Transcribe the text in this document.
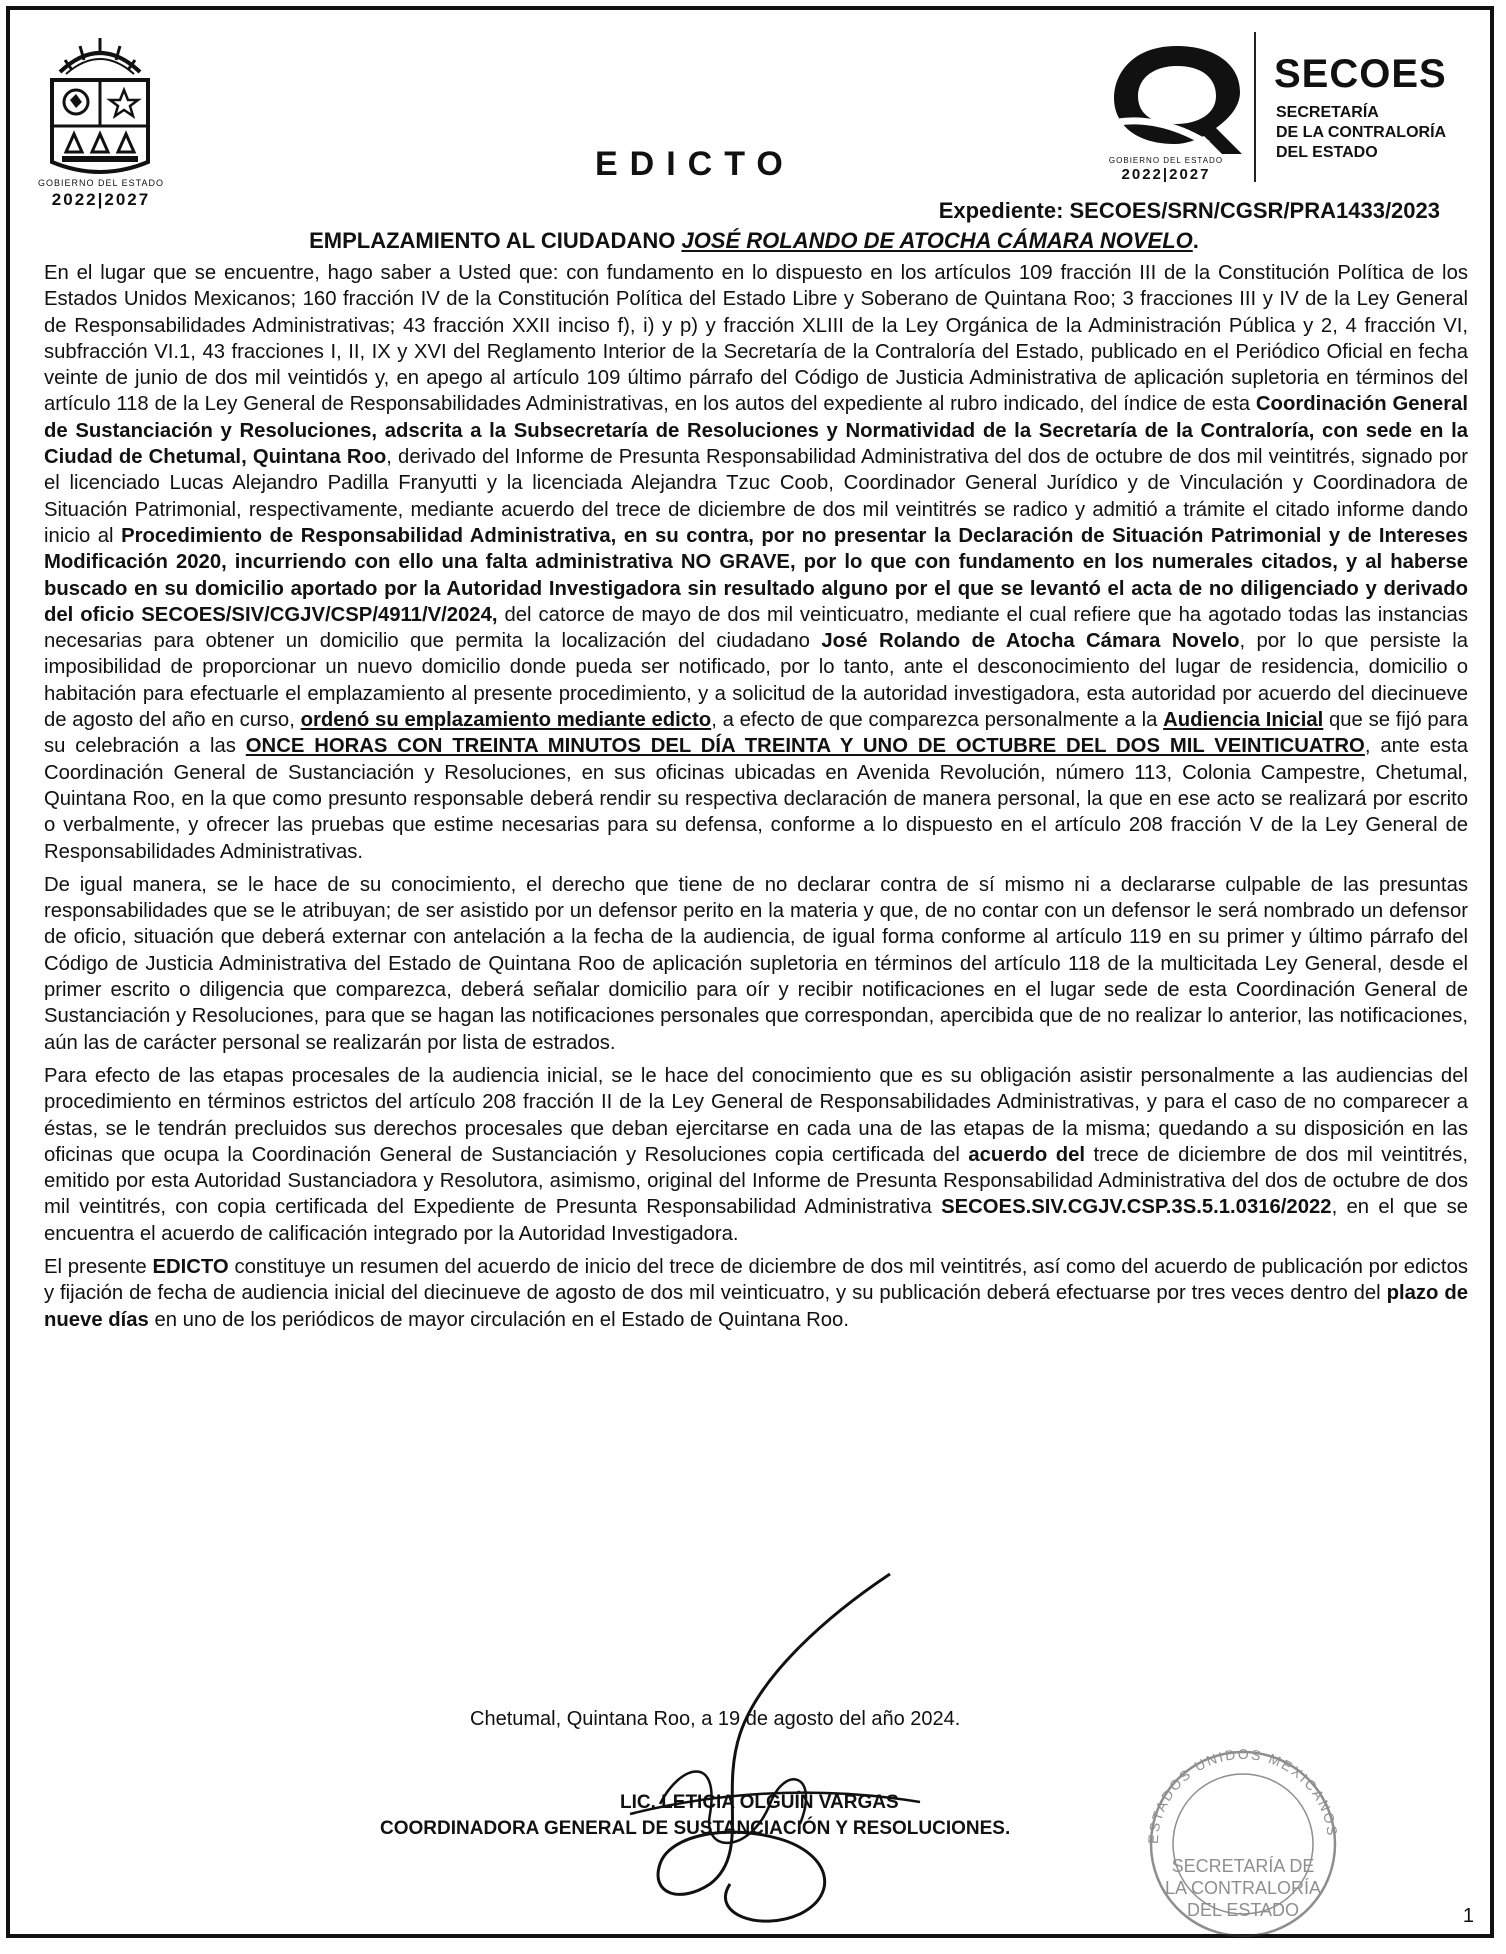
GOBIERNO DEL ESTADO
2022|2027
EDICTO	GOBIERNO DEL ESTADO
2022|2027
SECOES
SECRETARÍA
DE LA CONTRALORÍA
DEL ESTADO
Expediente: SECOES/SRN/CGSR/PRA1433/2023
EMPLAZAMIENTO AL CIUDADANO JOSÉ ROLANDO DE ATOCHA CÁMARA NOVELO.

En el lugar que se encuentre, hago saber a Usted que: con fundamento en lo dispuesto en los artículos 109 fracción III de la Constitución Política de los Estados Unidos Mexicanos; 160 fracción IV de la Constitución Política del Estado Libre y Soberano de Quintana Roo; 3 fracciones III y IV de la Ley General de Responsabilidades Administrativas; 43 fracción XXII inciso f), i) y p) y fracción XLIII de la Ley Orgánica de la Administración Pública y 2, 4 fracción VI, subfracción VI.1, 43 fracciones I, II, IX y XVI del Reglamento Interior de la Secretaría de la Contraloría del Estado, publicado en el Periódico Oficial en fecha veinte de junio de dos mil veintidós y, en apego al artículo 109 último párrafo del Código de Justicia Administrativa de aplicación supletoria en términos del artículo 118 de la Ley General de Responsabilidades Administrativas, en los autos del expediente al rubro indicado, del índice de esta Coordinación General de Sustanciación y Resoluciones, adscrita a la Subsecretaría de Resoluciones y Normatividad de la Secretaría de la Contraloría, con sede en la Ciudad de Chetumal, Quintana Roo, derivado del Informe de Presunta Responsabilidad Administrativa del dos de octubre de dos mil veintitrés, signado por el licenciado Lucas Alejandro Padilla Franyutti y la licenciada Alejandra Tzuc Coob, Coordinador General Jurídico y de Vinculación y Coordinadora de Situación Patrimonial, respectivamente, mediante acuerdo del trece de diciembre de dos mil veintitrés se radico y admitió a trámite el citado informe dando inicio al Procedimiento de Responsabilidad Administrativa, en su contra, por no presentar la Declaración de Situación Patrimonial y de Intereses Modificación 2020, incurriendo con ello una falta administrativa NO GRAVE, por lo que con fundamento en los numerales citados, y al haberse buscado en su domicilio aportado por la Autoridad Investigadora sin resultado alguno por el que se levantó el acta de no diligenciado y derivado del oficio SECOES/SIV/CGJV/CSP/4911/V/2024, del catorce de mayo de dos mil veinticuatro, mediante el cual refiere que ha agotado todas las instancias necesarias para obtener un domicilio que permita la localización del ciudadano José Rolando de Atocha Cámara Novelo, por lo que persiste la imposibilidad de proporcionar un nuevo domicilio donde pueda ser notificado, por lo tanto, ante el desconocimiento del lugar de residencia, domicilio o habitación para efectuarle el emplazamiento al presente procedimiento, y a solicitud de la autoridad investigadora, esta autoridad por acuerdo del diecinueve de agosto del año en curso, ordenó su emplazamiento mediante edicto, a efecto de que comparezca personalmente a la Audiencia Inicial que se fijó para su celebración a las ONCE HORAS CON TREINTA MINUTOS DEL DÍA TREINTA Y UNO DE OCTUBRE DEL DOS MIL VEINTICUATRO, ante esta Coordinación General de Sustanciación y Resoluciones, en sus oficinas ubicadas en Avenida Revolución, número 113, Colonia Campestre, Chetumal, Quintana Roo, en la que como presunto responsable deberá rendir su respectiva declaración de manera personal, la que en ese acto se realizará por escrito o verbalmente, y ofrecer las pruebas que estime necesarias para su defensa, conforme a lo dispuesto en el artículo 208 fracción V de la Ley General de Responsabilidades Administrativas.

De igual manera, se le hace de su conocimiento, el derecho que tiene de no declarar contra de sí mismo ni a declararse culpable de las presuntas responsabilidades que se le atribuyan; de ser asistido por un defensor perito en la materia y que, de no contar con un defensor le será nombrado un defensor de oficio, situación que deberá externar con antelación a la fecha de la audiencia, de igual forma conforme al artículo 119 en su primer y último párrafo del Código de Justicia Administrativa del Estado de Quintana Roo de aplicación supletoria en términos del artículo 118 de la multicitada Ley General, desde el primer escrito o diligencia que comparezca, deberá señalar domicilio para oír y recibir notificaciones en el lugar sede de esta Coordinación General de Sustanciación y Resoluciones, para que se hagan las notificaciones personales que correspondan, apercibida que de no realizar lo anterior, las notificaciones, aún las de carácter personal se realizarán por lista de estrados.

Para efecto de las etapas procesales de la audiencia inicial, se le hace del conocimiento que es su obligación asistir personalmente a las audiencias del procedimiento en términos estrictos del artículo 208 fracción II de la Ley General de Responsabilidades Administrativas, y para el caso de no comparecer a éstas, se le tendrán precluidos sus derechos procesales que deban ejercitarse en cada una de las etapas de la misma; quedando a su disposición en las oficinas que ocupa la Coordinación General de Sustanciación y Resoluciones copia certificada del acuerdo del trece de diciembre de dos mil veintitrés, emitido por esta Autoridad Sustanciadora y Resolutora, asimismo, original del Informe de Presunta Responsabilidad Administrativa del dos de octubre de dos mil veintitrés, con copia certificada del Expediente de Presunta Responsabilidad Administrativa SECOES.SIV.CGJV.CSP.3S.5.1.0316/2022, en el que se encuentra el acuerdo de calificación integrado por la Autoridad Investigadora.

El presente EDICTO constituye un resumen del acuerdo de inicio del trece de diciembre de dos mil veintitrés, así como del acuerdo de publicación por edictos y fijación de fecha de audiencia inicial del diecinueve de agosto de dos mil veinticuatro, y su publicación deberá efectuarse por tres veces dentro del plazo de nueve días en uno de los periódicos de mayor circulación en el Estado de Quintana Roo.

ESTADOS UNIDOS MEXICANOS
SECRETARÍA DE
LA CONTRALORÍA
DEL ESTADO
Chetumal, Quintana Roo, a 19 de agosto del año 2024.
LIC. LETICIA OLGUÍN VARGAS
COORDINADORA GENERAL DE SUSTANCIACIÓN Y RESOLUCIONES.
1
